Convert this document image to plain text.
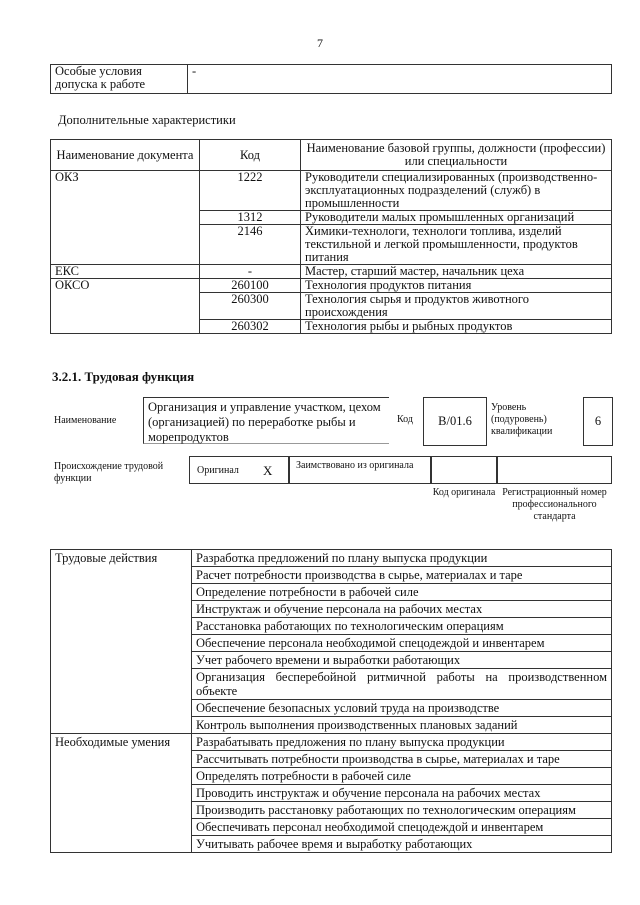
7
Особые условия допуска к работе	-
Дополнительные характеристики
Наименование документа	Код	Наименование базовой группы, должности (профессии) или специальности
ОКЗ	1222	Руководители специализированных (производственно-эксплуатационных подразделений (служб) в промышленности
	1312	Руководители малых промышленных организаций
	2146	Химики-технологи, технологи топлива, изделий текстильной и легкой промышленности, продуктов питания
ЕКС	-	Мастер, старший мастер, начальник цеха
ОКСО	260100	Технология продуктов питания
	260300	Технология сырья и продуктов животного происхождения
	260302	Технология рыбы и рыбных продуктов
3.2.1. Трудовая функция
Наименование
Организация и управление участком, цехом (организацией) по переработке рыбы и морепродуктов
Код	B/01.6
Уровень (подуровень) квалификации
6
Происхождение трудовой функции
Оригинал X	Заимствовано из оригинала
Код оригинала Регистрационный номер профессионального стандарта
Трудовые действия	Разработка предложений по плану выпуска продукции
	Расчет потребности производства в сырье, материалах и таре
	Определение потребности в рабочей силе
	Инструктаж и обучение персонала на рабочих местах
	Расстановка работающих по технологическим операциям
	Обеспечение персонала необходимой спецодеждой и инвентарем
	Учет рабочего времени и выработки работающих
	Организация бесперебойной ритмичной работы на производственном объекте
	Обеспечение безопасных условий труда на производстве
	Контроль выполнения производственных плановых заданий
Необходимые умения	Разрабатывать предложения по плану выпуска продукции
	Рассчитывать потребности производства в сырье, материалах и таре
	Определять потребности в рабочей силе
	Проводить инструктаж и обучение персонала на рабочих местах
	Производить расстановку работающих по технологическим операциям
	Обеспечивать персонал необходимой спецодеждой и инвентарем
	Учитывать рабочее время и выработку работающих
